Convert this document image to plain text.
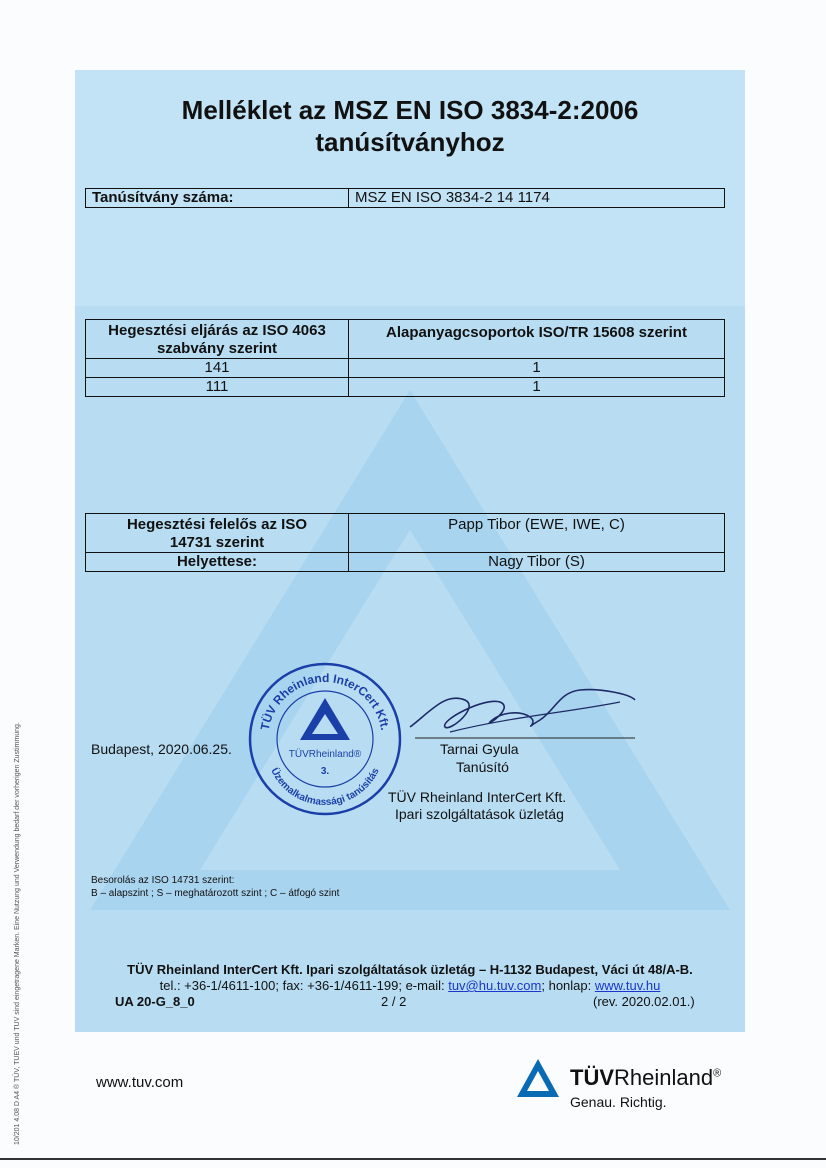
Melléklet az MSZ EN ISO 3834-2:2006
tanúsítványhoz
Tanúsítvány száma:	MSZ EN ISO 3834-2 14 1174
Hegesztési eljárás az ISO 4063
szabvány szerint	Alapanyagcsoportok ISO/TR 15608 szerint
141	1
111	1
Hegesztési felelős az ISO
14731 szerint	Papp Tibor (EWE, IWE, C)
Helyettese:	Nagy Tibor (S)
Budapest, 2020.06.25.
TÜV Rheinland InterCert Kft.
Üzemalkalmassági tanúsítás
TÜVRheinland®
3.
Tarnai Gyula
Tanúsító
TÜV Rheinland InterCert Kft.
Ipari szolgáltatások üzletág
Besorolás az ISO 14731 szerint:
B – alapszint ; S – meghatározott szint ; C – átfogó szint
TÜV Rheinland InterCert Kft. Ipari szolgáltatások üzletág – H-1132 Budapest, Váci út 48/A-B.
tel.: +36-1/4611-100; fax: +36-1/4611-199; e-mail: tuv@hu.tuv.com; honlap: www.tuv.hu
UA 20-G_8_0	2 / 2	(rev. 2020.02.01.)
www.tuv.com	TÜVRheinland®
Genau. Richtig.
10/201 4.08 D A4 ® TÜV, TUEV und TUV sind eingetragene Marken. Eine Nutzung und Verwendung bedarf der vorherigen Zustimmung.
